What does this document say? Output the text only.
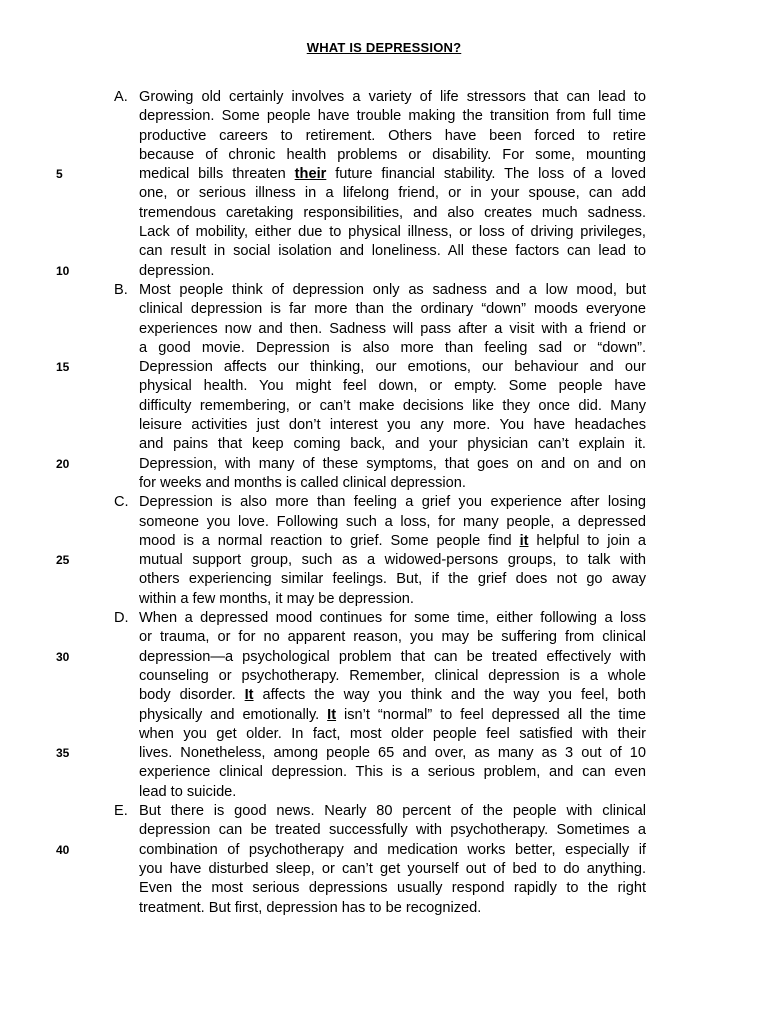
WHAT IS DEPRESSION?
5
10
15
20
25
30
35
40
A. Growing old certainly involves a variety of life stressors that can lead to
depression. Some people have trouble making the transition from full time
productive careers to retirement. Others have been forced to retire
because of chronic health problems or disability. For some, mounting
medical bills threaten their future financial stability. The loss of a loved
one, or serious illness in a lifelong friend, or in your spouse, can add
tremendous caretaking responsibilities, and also creates much sadness.
Lack of mobility, either due to physical illness, or loss of driving privileges,
can result in social isolation and loneliness. All these factors can lead to
depression.
B. Most people think of depression only as sadness and a low mood, but
clinical depression is far more than the ordinary “down” moods everyone
experiences now and then. Sadness will pass after a visit with a friend or
a good movie. Depression is also more than feeling sad or “down”.
Depression affects our thinking, our emotions, our behaviour and our
physical health. You might feel down, or empty. Some people have
difficulty remembering, or can’t make decisions like they once did. Many
leisure activities just don’t interest you any more. You have headaches
and pains that keep coming back, and your physician can’t explain it.
Depression, with many of these symptoms, that goes on and on and on
for weeks and months is called clinical depression.
C. Depression is also more than feeling a grief you experience after losing
someone you love. Following such a loss, for many people, a depressed
mood is a normal reaction to grief. Some people find it helpful to join a
mutual support group, such as a widowed-persons groups, to talk with
others experiencing similar feelings. But, if the grief does not go away
within a few months, it may be depression.
D. When a depressed mood continues for some time, either following a loss
or trauma, or for no apparent reason, you may be suffering from clinical
depression—a psychological problem that can be treated effectively with
counseling or psychotherapy. Remember, clinical depression is a whole
body disorder. It affects the way you think and the way you feel, both
physically and emotionally. It isn’t “normal” to feel depressed all the time
when you get older. In fact, most older people feel satisfied with their
lives. Nonetheless, among people 65 and over, as many as 3 out of 10
experience clinical depression. This is a serious problem, and can even
lead to suicide.
E. But there is good news. Nearly 80 percent of the people with clinical
depression can be treated successfully with psychotherapy. Sometimes a
combination of psychotherapy and medication works better, especially if
you have disturbed sleep, or can’t get yourself out of bed to do anything.
Even the most serious depressions usually respond rapidly to the right
treatment. But first, depression has to be recognized.
